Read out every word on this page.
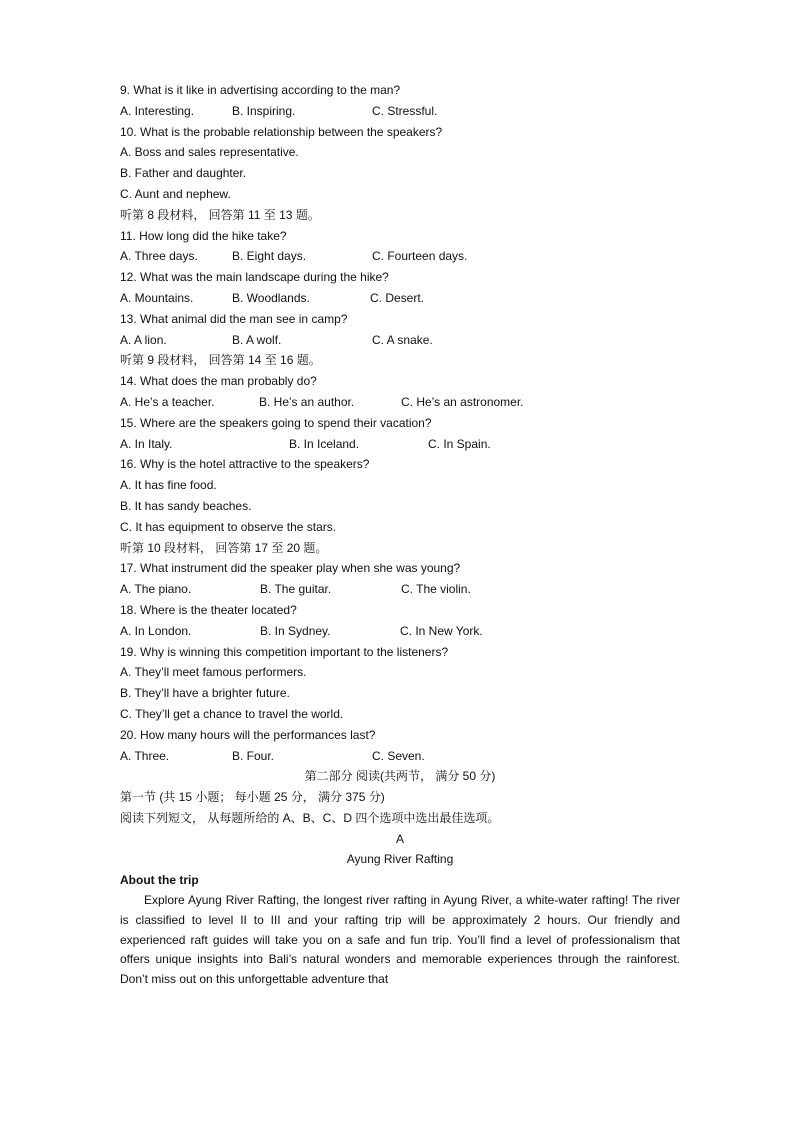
9. What is it like in advertising according to the man?
A. Interesting.	B. Inspiring.	C. Stressful.
10. What is the probable relationship between the speakers?
A. Boss and sales representative.
B. Father and daughter.
C. Aunt and nephew.
听第 8 段材料， 回答第 11 至 13 题。
11. How long did the hike take?
A. Three days.	B. Eight days.	C. Fourteen days.
12. What was the main landscape during the hike?
A. Mountains.	B. Woodlands.	C. Desert.
13. What animal did the man see in camp?
A. A lion.	B. A wolf.	C. A snake.
听第 9 段材料， 回答第 14 至 16 题。
14. What does the man probably do?
A. He’s a teacher.	B. He’s an author.	C. He’s an astronomer.
15. Where are the speakers going to spend their vacation?
A. In Italy.	B. In Iceland.	C. In Spain.
16. Why is the hotel attractive to the speakers?
A. It has fine food.
B. It has sandy beaches.
C. It has equipment to observe the stars.
听第 10 段材料， 回答第 17 至 20 题。
17. What instrument did the speaker play when she was young?
A. The piano.	B. The guitar.	C. The violin.
18. Where is the theater located?
A. In London.	B. In Sydney.	C. In New York.
19. Why is winning this competition important to the listeners?
A. They’ll meet famous performers.
B. They’ll have a brighter future.
C. They’ll get a chance to travel the world.
20. How many hours will the performances last?
A. Three.	B. Four.	C. Seven.
第二部分 阅读(共两节， 满分 50 分)
第一节 (共 15 小题； 每小题 25 分， 满分 375 分)
阅读下列短文， 从每题所给的 A、B、C、D 四个选项中选出最佳选项。
A
Ayung River Rafting
About the trip

Explore Ayung River Rafting, the longest river rafting in Ayung River, a white-water rafting! The river is classified to level II to III and your rafting trip will be approximately 2 hours. Our friendly and experienced raft guides will take you on a safe and fun trip. You’ll find a level of professionalism that offers unique insights into Bali’s natural wonders and memorable experiences through the rainforest. Don’t miss out on this unforgettable adventure that
